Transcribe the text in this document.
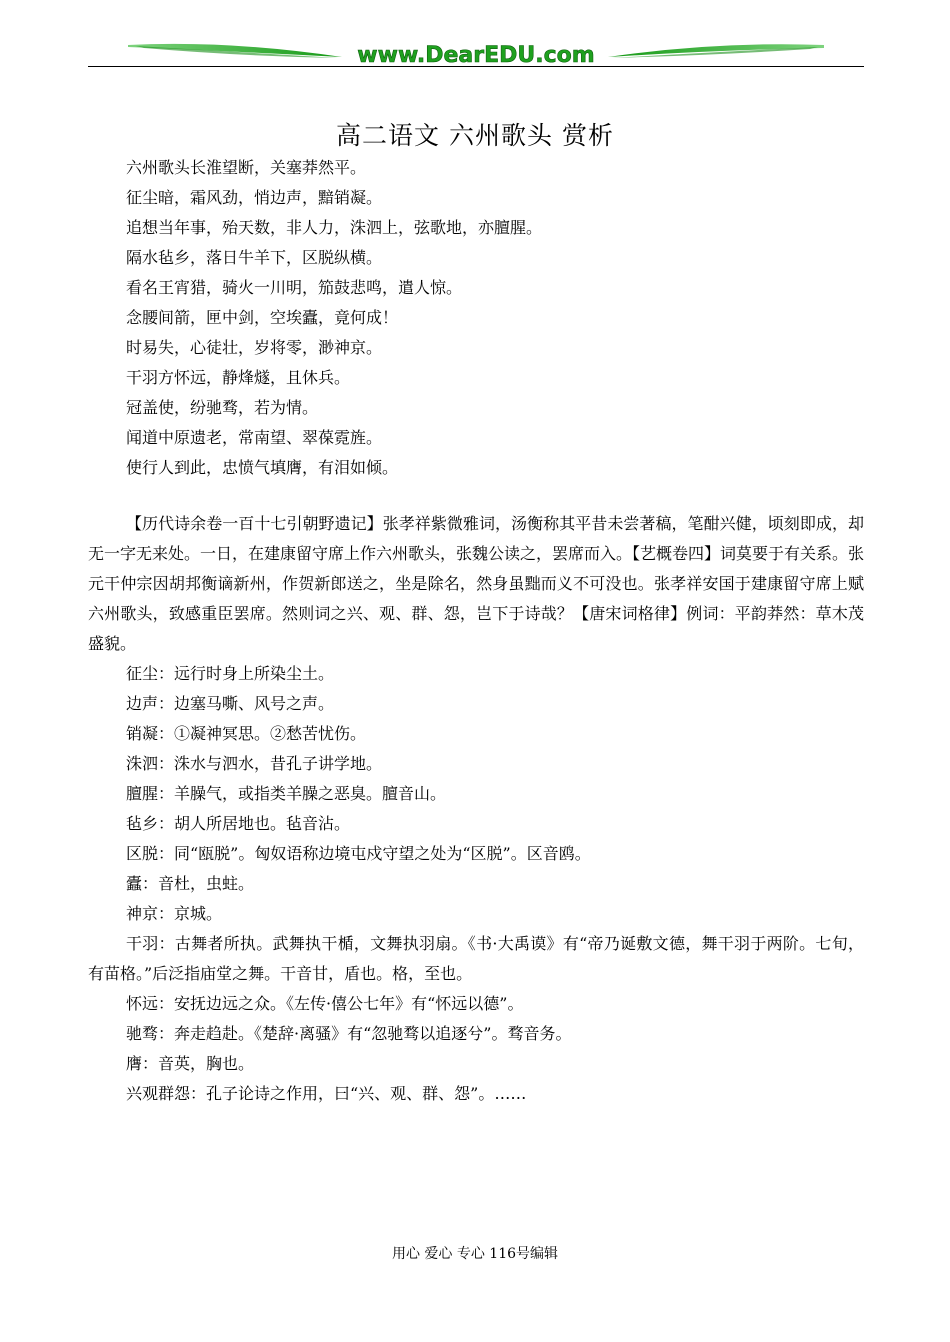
www.DearEDU.com
高二语文 六州歌头 赏析
六州歌头长淮望断，关塞莽然平。
征尘暗，霜风劲，悄边声，黯销凝。
追想当年事，殆天数，非人力，洙泗上，弦歌地，亦膻腥。
隔水毡乡，落日牛羊下，区脱纵横。
看名王宵猎，骑火一川明，笳鼓悲鸣，遣人惊。
念腰间箭，匣中剑，空埃蠹，竟何成！
时易失，心徒壮，岁将零，渺神京。
干羽方怀远，静烽燧，且休兵。
冠盖使，纷驰骛，若为情。
闻道中原遗老，常南望、翠葆霓旌。
使行人到此，忠愤气填膺，有泪如倾。

【历代诗余卷一百十七引朝野遗记】张孝祥紫微雅词，汤衡称其平昔未尝著稿，笔酣兴健，顷刻即成，却无一字无来处。一日，在建康留守席上作六州歌头，张魏公读之，罢席而入。【艺概卷四】词莫要于有关系。张元干仲宗因胡邦衡谪新州，作贺新郎送之，坐是除名，然身虽黜而义不可没也。张孝祥安国于建康留守席上赋六州歌头，致感重臣罢席。然则词之兴、观、群、怨，岂下于诗哉？【唐宋词格律】例词：平韵莽然：草木茂盛貌。

征尘：远行时身上所染尘土。

边声：边塞马嘶、风号之声。

销凝：①凝神冥思。②愁苦忧伤。

洙泗：洙水与泗水，昔孔子讲学地。

膻腥：羊臊气，或指类羊臊之恶臭。膻音山。

毡乡：胡人所居地也。毡音沾。

区脱：同“瓯脱”。匈奴语称边境屯戍守望之处为“区脱”。区音鸥。

蠹：音杜，虫蛀。

神京：京城。

干羽：古舞者所执。武舞执干楯，文舞执羽扇。《书·大禹谟》有“帝乃诞敷文德，舞干羽于两阶。七旬，有苗格。”后泛指庙堂之舞。干音甘，盾也。格，至也。

怀远：安抚边远之众。《左传·僖公七年》有“怀远以德”。

驰骛：奔走趋赴。《楚辞·离骚》有“忽驰骛以追逐兮”。骛音务。

膺：音英，胸也。

兴观群怨：孔子论诗之作用，曰“兴、观、群、怨”。……

用心 爱心 专心 116号编辑
